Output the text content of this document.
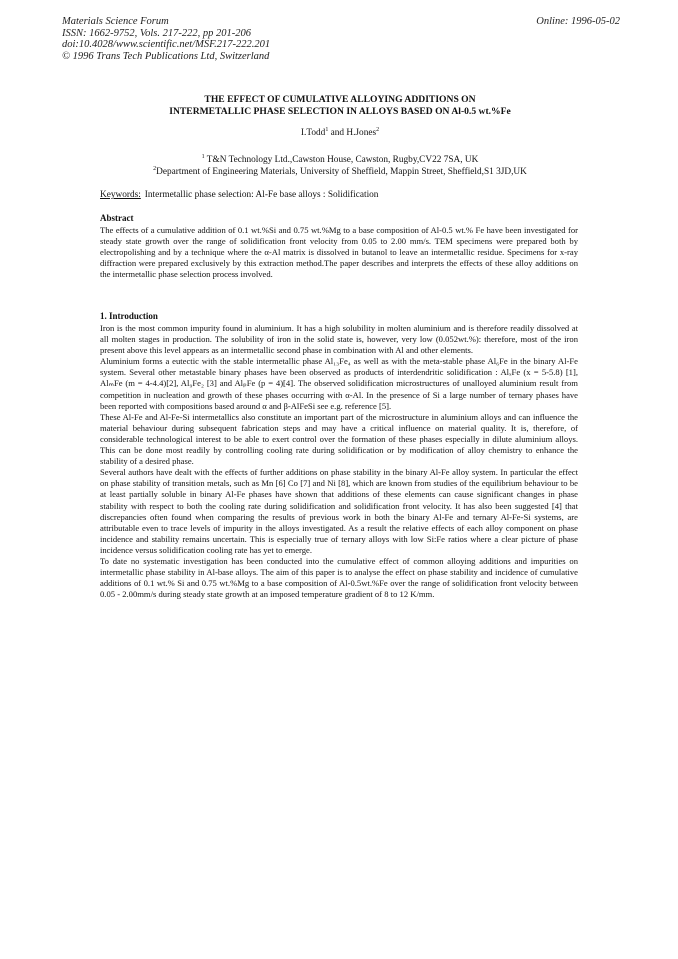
Materials Science Forum
ISSN: 1662-9752, Vols. 217-222, pp 201-206
doi:10.4028/www.scientific.net/MSF.217-222.201
© 1996 Trans Tech Publications Ltd, Switzerland
Online: 1996-05-02
THE EFFECT OF CUMULATIVE ALLOYING ADDITIONS ON
INTERMETALLIC PHASE SELECTION IN ALLOYS BASED ON Al-0.5 wt.%Fe
I.Todd$^1$ and H.Jones$^2$
$^1$ T&N Technology Ltd.,Cawston House, Cawston, Rugby,CV22 7SA, UK
$^2$Department of Engineering Materials, University of Sheffield, Mappin Street, Sheffield,S1 3JD,UK
Keywords: Intermetallic phase selection: Al-Fe base alloys : Solidification
Abstract
The effects of a cumulative addition of 0.1 wt.%Si and 0.75 wt.%Mg to a base composition of Al-0.5 wt.% Fe have been investigated for steady state growth over the range of solidification front velocity from 0.05 to 2.00 mm/s. TEM specimens were prepared both by electropolishing and by a technique where the α-Al matrix is dissolved in butanol to leave an intermetallic residue. Specimens for x-ray diffraction were prepared exclusively by this extraction method.The paper describes and interprets the effects of these alloy additions on the intermetallic phase selection process involved.
1. Introduction

Iron is the most common impurity found in aluminium. It has a high solubility in molten aluminium and is therefore readily dissolved at all molten stages in production. The solubility of iron in the solid state is, however, very low (0.052wt.%): therefore, most of the iron present above this level appears as an intermetallic second phase in combination with Al and other elements.

Aluminium forms a eutectic with the stable intermetallic phase Al₁₃Fe₄ as well as with the meta-stable phase Al₆Fe in the binary Al-Fe system. Several other metastable binary phases have been observed as products of interdendritic solidification : AlₓFe (x = 5-5.8) [1], AlₘFe (m = 4-4.4)[2], Al₉Fe₂ [3] and AlₚFe (p = 4)[4]. The observed solidification microstructures of unalloyed aluminium result from competition in nucleation and growth of these phases occurring with α-Al. In the presence of Si a large number of ternary phases have been reported with compositions based around α and β-AlFeSi see e.g. reference [5].

These Al-Fe and Al-Fe-Si intermetallics also constitute an important part of the microstructure in aluminium alloys and can influence the material behaviour during subsequent fabrication steps and may have a critical influence on material quality. It is, therefore, of considerable technological interest to be able to exert control over the formation of these phases especially in dilute aluminium alloys. This can be done most readily by controlling cooling rate during solidification or by modification of alloy chemistry to enhance the stability of a desired phase.

Several authors have dealt with the effects of further additions on phase stability in the binary Al-Fe alloy system. In particular the effect on phase stability of transition metals, such as Mn [6] Co [7] and Ni [8], which are known from studies of the equilibrium behaviour to be at least partially soluble in binary Al-Fe phases have shown that additions of these elements can cause significant changes in phase stability with respect to both the cooling rate during solidification and solidification front velocity. It has also been suggested [4] that discrepancies often found when comparing the results of previous work in both the binary Al-Fe and ternary Al-Fe-Si systems, are attributable even to trace levels of impurity in the alloys investigated. As a result the relative effects of each alloy component on phase incidence and stability remains uncertain. This is especially true of ternary alloys with low Si:Fe ratios where a clear picture of phase incidence versus solidification cooling rate has yet to emerge.

To date no systematic investigation has been conducted into the cumulative effect of common alloying additions and impurities on intermetallic phase stability in Al-base alloys. The aim of this paper is to analyse the effect on phase stability and incidence of cumulative additions of 0.1 wt.% Si and 0.75 wt.%Mg to a base composition of Al-0.5wt.%Fe over the range of solidification front velocity between 0.05 - 2.00mm/s during steady state growth at an imposed temperature gradient of 8 to 12 K/mm.
